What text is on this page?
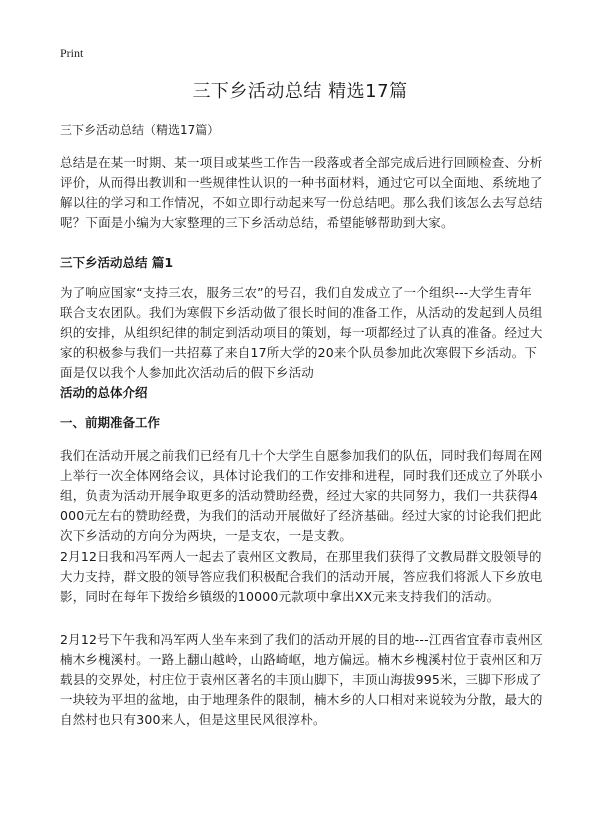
Print
三下乡活动总结 精选17篇
三下乡活动总结（精选17篇）

总结是在某一时期、某一项目或某些工作告一段落或者全部完成后进行回顾检查、分析评价，从而得出教训和一些规律性认识的一种书面材料，通过它可以全面地、系统地了解以往的学习和工作情况，不如立即行动起来写一份总结吧。那么我们该怎么去写总结呢？下面是小编为大家整理的三下乡活动总结，希望能够帮助到大家。

三下乡活动总结 篇1

为了响应国家“支持三农，服务三农”的号召，我们自发成立了一个组织---大学生青年联合支农团队。我们为寒假下乡活动做了很长时间的准备工作，从活动的发起到人员组织的安排，从组织纪律的制定到活动项目的策划，每一项都经过了认真的准备。经过大家的积极参与我们一共招募了来自17所大学的20来个队员参加此次寒假下乡活动。下面是仅以我个人参加此次活动后的假下乡活动

活动的总体介绍
一、前期准备工作

我们在活动开展之前我们已经有几十个大学生自愿参加我们的队伍，同时我们每周在网上举行一次全体网络会议，具体讨论我们的工作安排和进程，同时我们还成立了外联小组，负责为活动开展争取更多的活动赞助经费，经过大家的共同努力，我们一共获得4000元左右的赞助经费，为我们的活动开展做好了经济基础。经过大家的讨论我们把此次下乡活动的方向分为两块，一是支农，一是支教。

2月12日我和冯军两人一起去了袁州区文教局，在那里我们获得了文教局群文股领导的大力支持，群文股的领导答应我们积极配合我们的活动开展，答应我们将派人下乡放电影，同时在每年下拨给乡镇级的10000元款项中拿出XX元来支持我们的活动。

2月12号下午我和冯军两人坐车来到了我们的活动开展的目的地---江西省宜春市袁州区楠木乡槐溪村。一路上翻山越岭，山路崎岖，地方偏远。楠木乡槐溪村位于袁州区和万载县的交界处，村庄位于袁州区著名的丰顶山脚下，丰顶山海拔995米，三脚下形成了一块较为平坦的盆地，由于地理条件的限制，楠木乡的人口相对来说较为分散，最大的自然村也只有300来人，但是这里民风很淳朴。
